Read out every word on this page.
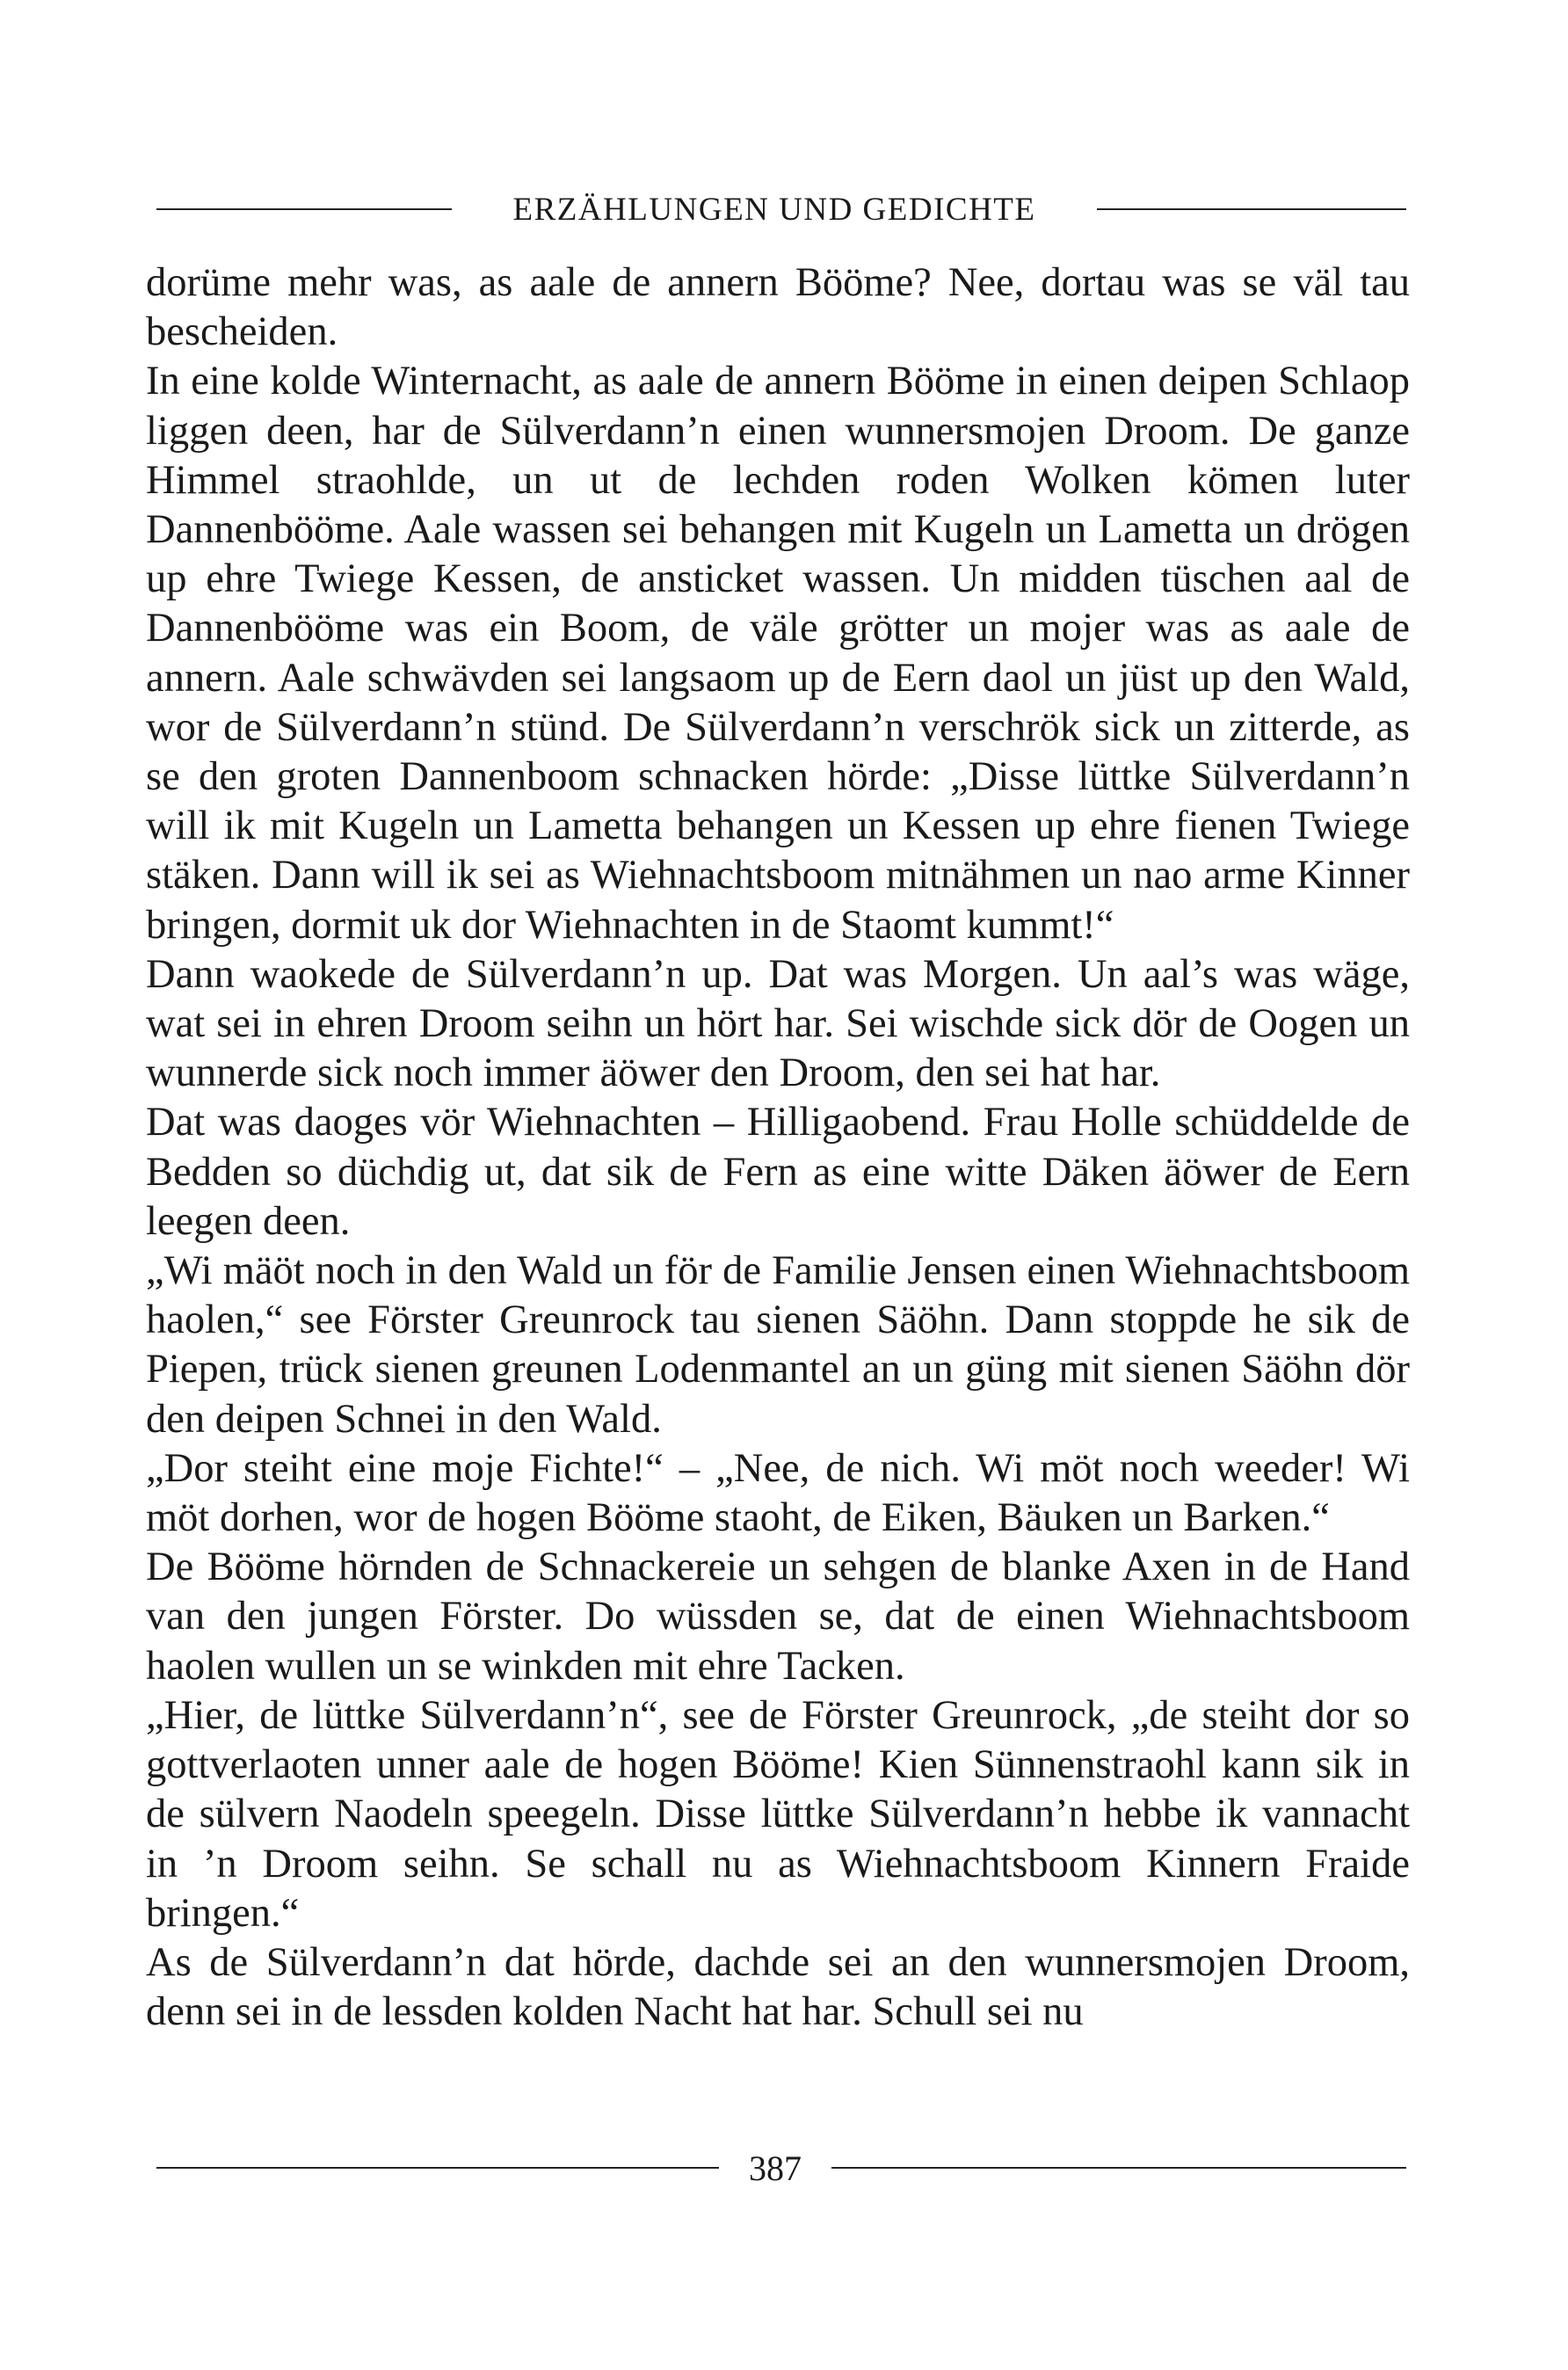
ERZÄHLUNGEN UND GEDICHTE

dorüme mehr was, as aale de annern Bööme? Nee, dortau was se väl tau bescheiden.

In eine kolde Winternacht, as aale de annern Bööme in einen deipen Schlaop liggen deen, har de Sülverdann’n einen wunnersmojen Droom. De ganze Himmel straohlde, un ut de lechden roden Wolken kömen luter Dannenbööme. Aale wassen sei behangen mit Kugeln un Lametta un drögen up ehre Twiege Kessen, de ansticket wassen. Un midden tüschen aal de Dannenbööme was ein Boom, de väle grötter un mojer was as aale de annern. Aale schwävden sei langsaom up de Eern daol un jüst up den Wald, wor de Sülverdann’n stünd. De Sülverdann’n verschrök sick un zitterde, as se den groten Dannenboom schnacken hörde: „Disse lüttke Sülverdann’n will ik mit Kugeln un Lametta behangen un Kessen up ehre fienen Twiege stäken. Dann will ik sei as Wiehnachtsboom mitnähmen un nao arme Kinner bringen, dormit uk dor Wiehnachten in de Staomt kummt!“

Dann waokede de Sülverdann’n up. Dat was Morgen. Un aal’s was wäge, wat sei in ehren Droom seihn un hört har. Sei wischde sick dör de Oogen un wunnerde sick noch immer äöwer den Droom, den sei hat har.

Dat was daoges vör Wiehnachten – Hilligaobend. Frau Holle schüddelde de Bedden so düchdig ut, dat sik de Fern as eine witte Däken äöwer de Eern leegen deen.

„Wi mäöt noch in den Wald un för de Familie Jensen einen Wiehnachtsboom haolen,“ see Förster Greunrock tau sienen Säöhn. Dann stoppde he sik de Piepen, trück sienen greunen Lodenmantel an un güng mit sienen Säöhn dör den deipen Schnei in den Wald.

„Dor steiht eine moje Fichte!“ – „Nee, de nich. Wi möt noch weeder! Wi möt dorhen, wor de hogen Bööme staoht, de Eiken, Bäuken un Barken.“

De Bööme hörnden de Schnackereie un sehgen de blanke Axen in de Hand van den jungen Förster. Do wüssden se, dat de einen Wiehnachtsboom haolen wullen un se winkden mit ehre Tacken.

„Hier, de lüttke Sülverdann’n“, see de Förster Greunrock, „de steiht dor so gottverlaoten unner aale de hogen Bööme! Kien Sünnenstraohl kann sik in de sülvern Naodeln speegeln. Disse lüttke Sülverdann’n hebbe ik vannacht in ’n Droom seihn. Se schall nu as Wiehnachtsboom Kinnern Fraide bringen.“

As de Sülverdann’n dat hörde, dachde sei an den wunnersmojen Droom, denn sei in de lessden kolden Nacht hat har. Schull sei nu

387
